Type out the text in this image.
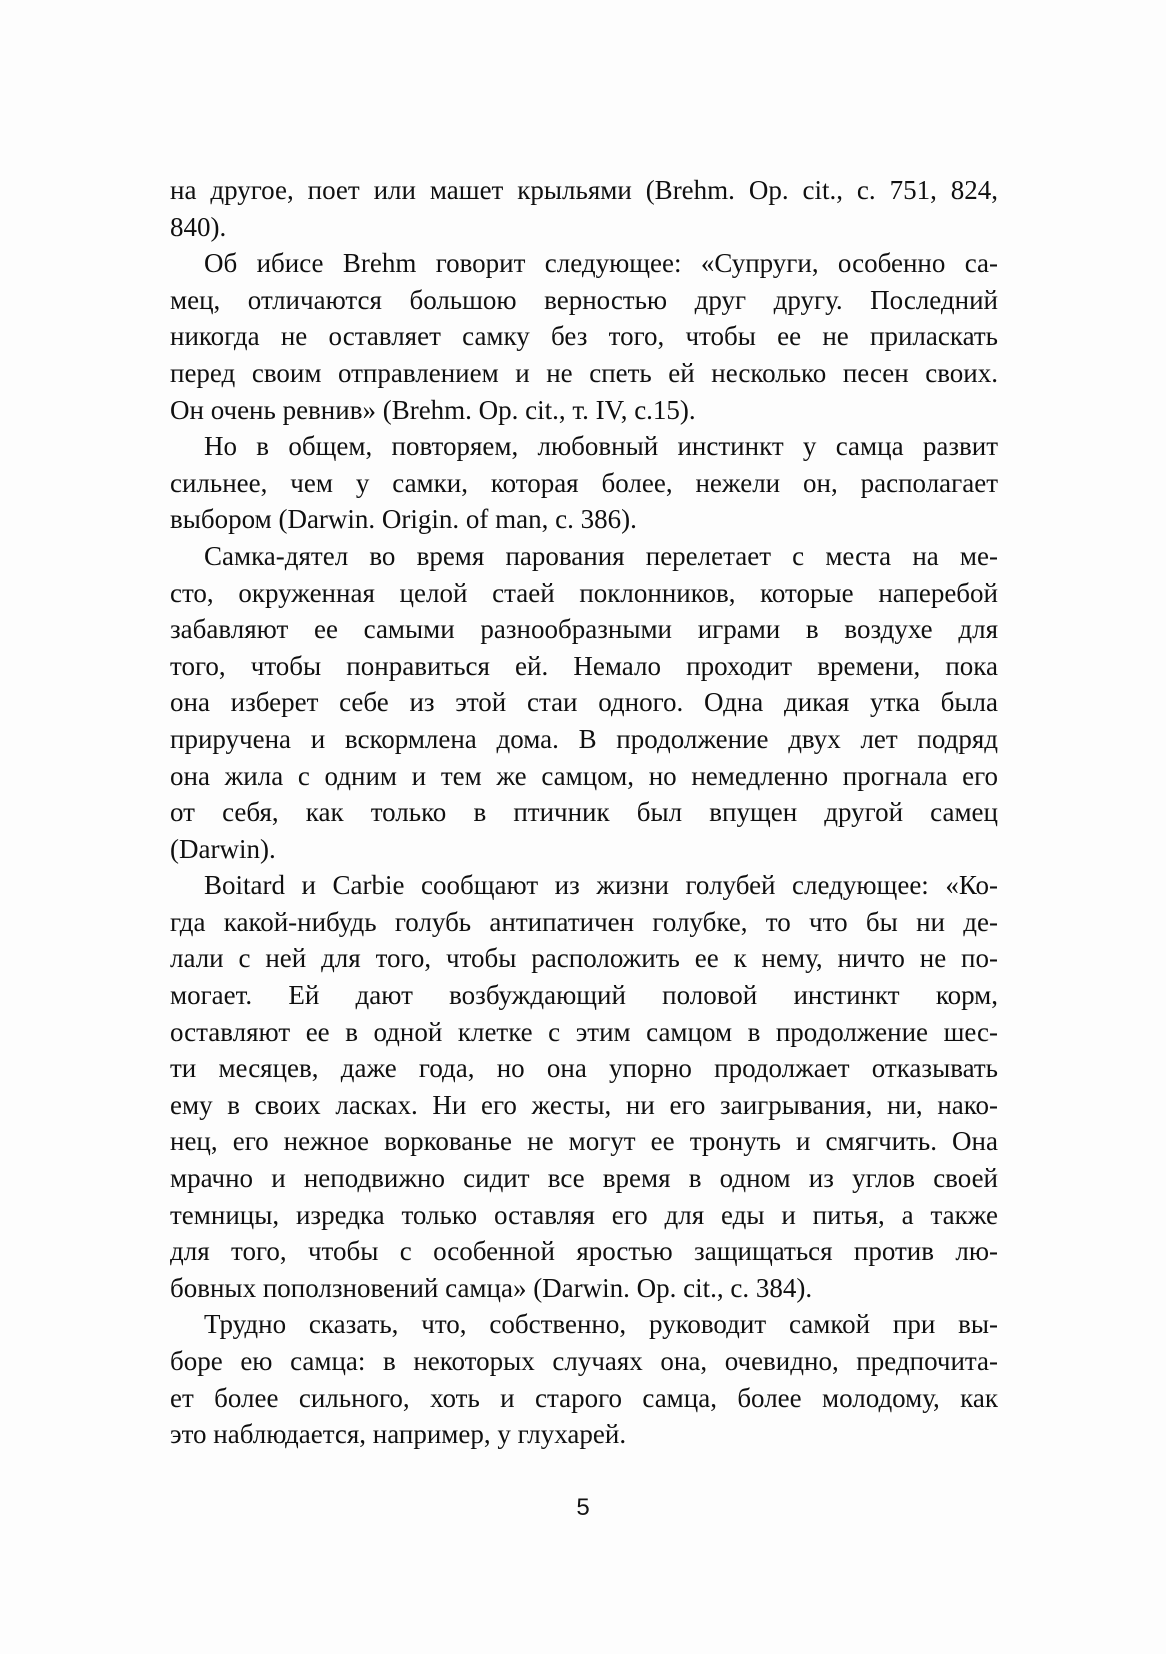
на другое, поет или машет крыльями (Brehm. Op. cit., с. 751, 824,
840).

Об ибисе Brehm говорит следующее: «Супруги, особенно са-
мец, отличаются большою верностью друг другу. Последний
никогда не оставляет самку без того, чтобы ее не приласкать
перед своим отправлением и не спеть ей несколько песен своих.
Он очень ревнив» (Brehm. Op. cit., т. IV, с.15).

Но в общем, повторяем, любовный инстинкт у самца развит
сильнее, чем у самки, которая более, нежели он, располагает
выбором (Darwin. Origin. of man, с. 386).

Самка-дятел во время парования перелетает с места на ме-
сто, окруженная целой стаей поклонников, которые наперебой
забавляют ее самыми разнообразными играми в воздухе для
того, чтобы понравиться ей. Немало проходит времени, пока
она изберет себе из этой стаи одного. Одна дикая утка была
приручена и вскормлена дома. В продолжение двух лет подряд
она жила с одним и тем же самцом, но немедленно прогнала его
от себя, как только в птичник был впущен другой самец
(Darwin).

Boitard и Carbie сообщают из жизни голубей следующее: «Ко-
гда какой-нибудь голубь антипатичен голубке, то что бы ни де-
лали с ней для того, чтобы расположить ее к нему, ничто не по-
могает. Ей дают возбуждающий половой инстинкт корм,
оставляют ее в одной клетке с этим самцом в продолжение шес-
ти месяцев, даже года, но она упорно продолжает отказывать
ему в своих ласках. Ни его жесты, ни его заигрывания, ни, нако-
нец, его нежное воркованье не могут ее тронуть и смягчить. Она
мрачно и неподвижно сидит все время в одном из углов своей
темницы, изредка только оставляя его для еды и питья, а также
для того, чтобы с особенной яростью защищаться против лю-
бовных поползновений самца» (Darwin. Op. cit., с. 384).

Трудно сказать, что, собственно, руководит самкой при вы-
боре ею самца: в некоторых случаях она, очевидно, предпочита-
ет более сильного, хоть и старого самца, более молодому, как
это наблюдается, например, у глухарей.

5
